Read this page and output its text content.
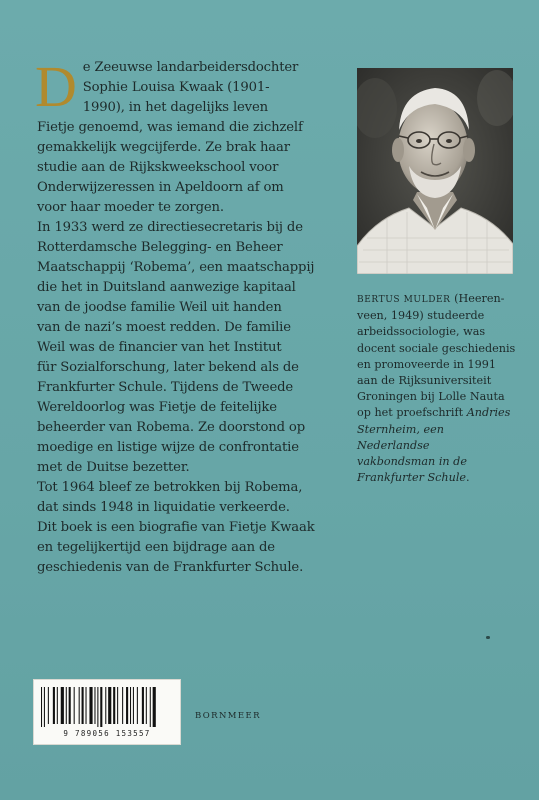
D e Zeeuwse landarbeidersdochter

Sophie Louisa Kwaak (1901-

1990), in het dagelijks leven

Fietje genoemd, was iemand die zichzelf

gemakkelijk wegcijferde. Ze brak haar

studie aan de Rijkskweekschool voor

Onderwijzeressen in Apeldoorn af om

voor haar moeder te zorgen.

In 1933 werd ze directiesecretaris bij de

Rotterdamsche Belegging- en Beheer

Maatschappij ‘Robema’, een maatschappij

die het in Duitsland aanwezige kapitaal

van de joodse familie Weil uit handen

van de nazi’s moest redden. De familie

Weil was de financier van het Institut

für Sozialforschung, later bekend als de

Frankfurter Schule. Tijdens de Tweede

Wereldoorlog was Fietje de feitelijke

beheerder van Robema. Ze doorstond op

moedige en listige wijze de confrontatie

met de Duitse bezetter.

Tot 1964 bleef ze betrokken bij Robema,

dat sinds 1948 in liquidatie verkeerde.

Dit boek is een biografie van Fietje Kwaak

en tegelijkertijd een bijdrage aan de

geschiedenis van de Frankfurter Schule.

BERTUS MULDER (Heeren-

veen, 1949) studeerde

arbeidssociologie, was

docent sociale geschiedenis

en promoveerde in 1991

aan de Rijksuniversiteit

Groningen bij Lolle Nauta

op het proefschrift Andries

Sternheim, een Nederlandse

vakbondsman in de

Frankfurter Schule.

9 789056 153557
BORNMEER
